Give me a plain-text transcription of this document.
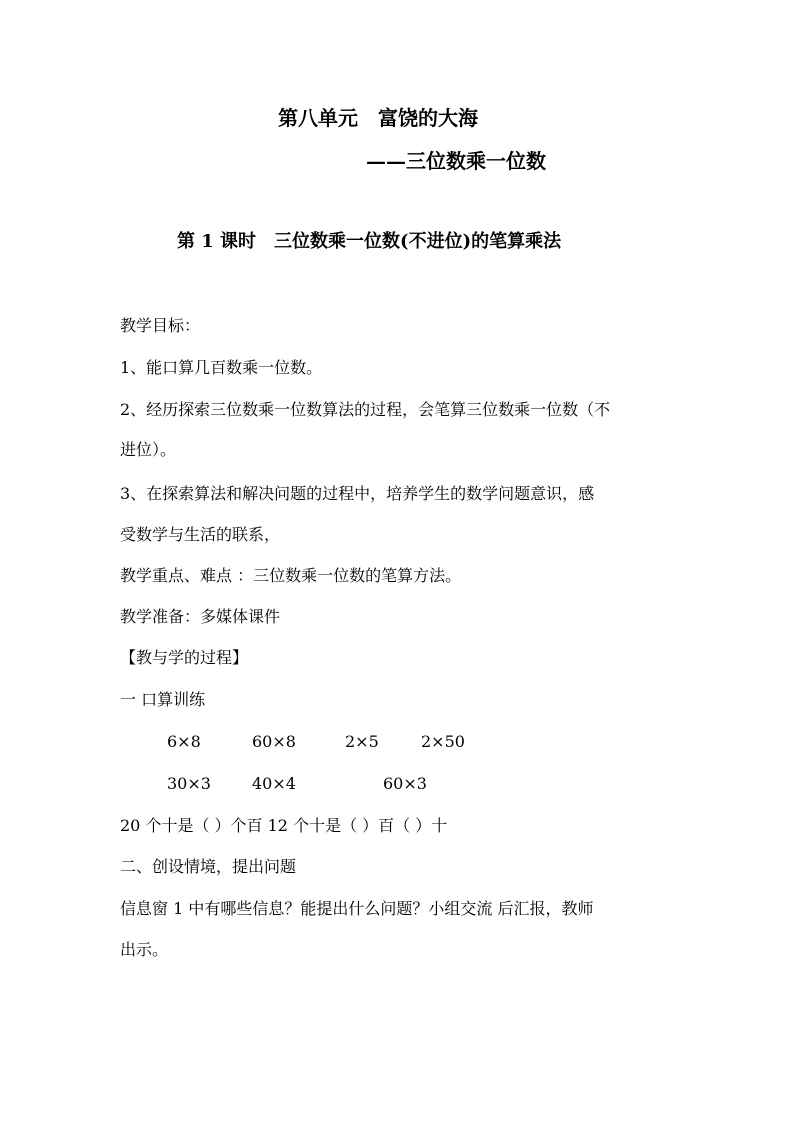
第八单元　富饶的大海
——三位数乘一位数
第 1 课时　三位数乘一位数(不进位)的笔算乘法
教学目标：
1、能口算几百数乘一位数。
2、经历探索三位数乘一位数算法的过程，会笔算三位数乘一位数（不
进位）。
3、在探索算法和解决问题的过程中，培养学生的数学问题意识，感
受数学与生活的联系，
教学重点、难点 ：三位数乘一位数的笔算方法。
教学准备：多媒体课件
【教与学的过程】
一 口算训练
6×8	60×8	2×5	2×50
30×3	40×4	60×3
20 个十是（ ）个百 12 个十是（ ）百（ ）十
二、创设情境，提出问题
信息窗 1 中有哪些信息？能提出什么问题？小组交流 后汇报，教师
出示。
